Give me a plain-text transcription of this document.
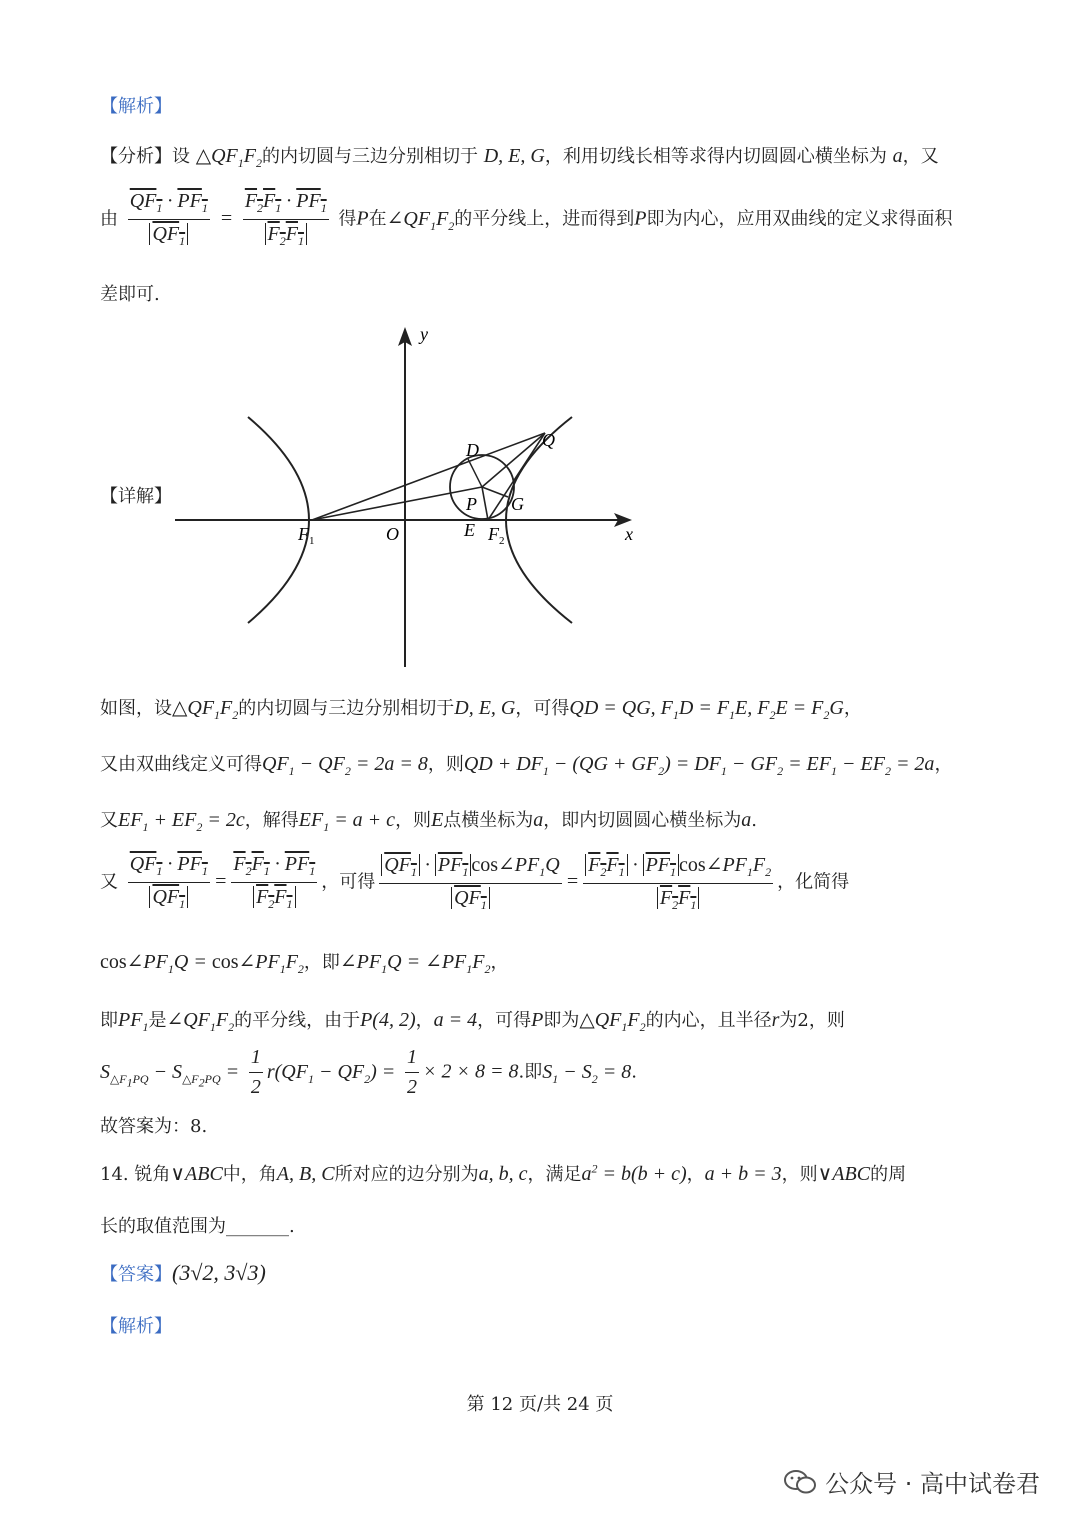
【解析】
【分析】设 $\triangle QF_1F_2$的内切圆与三边分别相切于 D, E, G，利用切线长相等求得内切圆圆心横坐标为 a，又
由 $\frac{QF_1 \cdot PF_1}{QF_1} = \frac{F_2F_1 \cdot PF_1}{F_2F_1}$ 得P在$\angle QF_1F_2$的平分线上，进而得到P即为内心，应用双曲线的定义求得面积
差即可.
【详解】
y
x
O
$F_1$	$F_2$
D	Q
P G
E
如图，设$\triangle QF_1F_2$的内切圆与三边分别相切于D, E, G，可得QD = QG, $F_1D = F_1E$, $F_2E = F_2G$，
又由双曲线定义可得$QF_1 - QF_2 = 2a = 8$，则QD + $DF_1 - (QG + GF_2) = DF_1 - GF_2 = EF_1 - EF_2 = 2a$，
又$EF_1 + EF_2 = 2c$，解得$EF_1 = a + c$，则E点横坐标为a，即内切圆圆心横坐标为a.
又 $\frac{QF_1 \cdot PF_1}{QF_1} = \frac{F_2F_1 \cdot PF_1}{F_2F_1}$ ，可得 $\frac{QF_1 \cdot PF_1 \cos\angle PF_1Q}{QF_1} = \frac{F_2F_1 \cdot PF_1 \cos\angle PF_1F_2}{F_2F_1}$ ，化简得
$\cos\angle PF_1Q$ = $\cos\angle PF_1F_2$，即$\angle PF_1Q$ = $\angle PF_1F_2$，
即$PF_1$是$\angle QF_1F_2$的平分线，由于P(4, 2)，a = 4，可得P即为$\triangle QF_1F_2$的内心，且半径r为2，则
$S_{\triangle F_1PQ} - S_{\triangle F_2PQ} = \frac{1}{2} r(QF_1 - QF_2) = \frac{1}{2} \times 2 \times 8 = 8$.即$S_1 - S_2 = 8$.
故答案为：8.
14. 锐角∨ABC中，角A, B, C所对应的边分别为a, b, c，满足$a^2 = b(b + c)$，a + b = 3，则∨ABC的周
长的取值范围为_______.
【答案】(3√2, 3√3)
【解析】
第 12 页/共 24 页
公众号 · 高中试卷君
